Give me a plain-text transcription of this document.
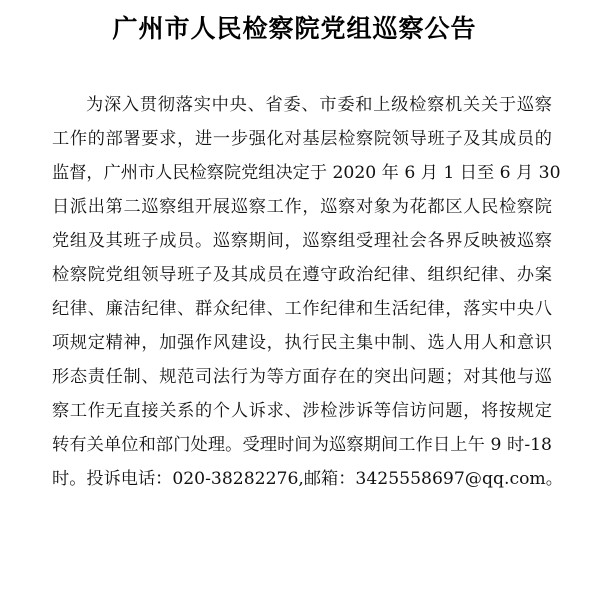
广州市人民检察院党组巡察公告
为深入贯彻落实中央、省委、市委和上级检察机关关于巡察
工作的部署要求，进一步强化对基层检察院领导班子及其成员的
监督，广州市人民检察院党组决定于 2020 年 6 月 1 日至 6 月 30
日派出第二巡察组开展巡察工作，巡察对象为花都区人民检察院
党组及其班子成员。巡察期间，巡察组受理社会各界反映被巡察
检察院党组领导班子及其成员在遵守政治纪律、组织纪律、办案
纪律、廉洁纪律、群众纪律、工作纪律和生活纪律，落实中央八
项规定精神，加强作风建设，执行民主集中制、选人用人和意识
形态责任制、规范司法行为等方面存在的突出问题；对其他与巡
察工作无直接关系的个人诉求、涉检涉诉等信访问题，将按规定
转有关单位和部门处理。受理时间为巡察期间工作日上午 9 时-18
时。投诉电话：020-38282276,邮箱：3425558697@qq.com。
